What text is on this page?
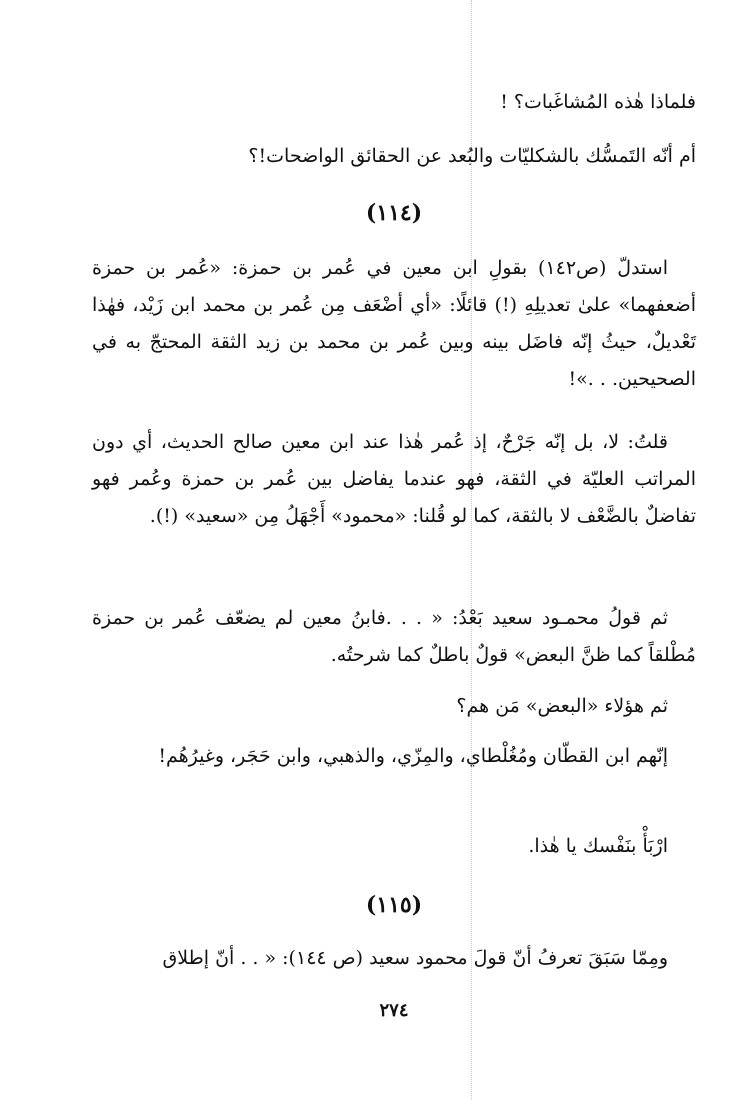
فلماذا هٰذه المُشاغَبات؟ !

أم أنّه التَمسُّك بالشكليّات والبُعد عن الحقائق الواضحات!؟

(١١٤)

استدلّ (ص١٤٢) بقولِ ابن معين في عُمر بن حمزة: «عُمر بن حمزة أضعفهما» علىٰ تعديلِهِ (!) قائلًا: «أي أضْعَف مِن عُمر بن محمد ابن زَيْد، فهٰذا تَعْديلٌ، حيثُ إنّه فاضَل بينه وبين عُمر بن محمد بن زيد الثقة المحتجّ به في الصحيحين. . .»!

قلتُ: لا، بل إنّه جَرْحٌ، إذ عُمر هٰذا عند ابن معين صالح الحديث، أي دون المراتب العليّة في الثقة، فهو عندما يفاضل بين عُمر بن حمزة وعُمر فهو تفاضلٌ بالضَّعْف لا بالثقة، كما لو قُلنا: «محمود» أَجْهَلُ مِن «سعيد» (!).

ثم قولُ محمـود سعيد بَعْدُ: « . . .فابنُ معين لم يضعّف عُمر بن حمزة مُطْلقاً كما ظنَّ البعض» قولٌ باطلٌ كما شرحتُه.

ثم هؤلاء «البعض» مَن هم؟

إنّهم ابن القطّان ومُغُلْطاي، والمِزّي، والذهبي، وابن حَجَر، وغيرُهُم!

ارْبَأْ بنَفْسك يا هٰذا.

(١١٥)

ومِمّا سَبَقَ تعرفُ أنّ قولَ محمود سعيد (ص ١٤٤): « . . أنّ إطلاق

٢٧٤
